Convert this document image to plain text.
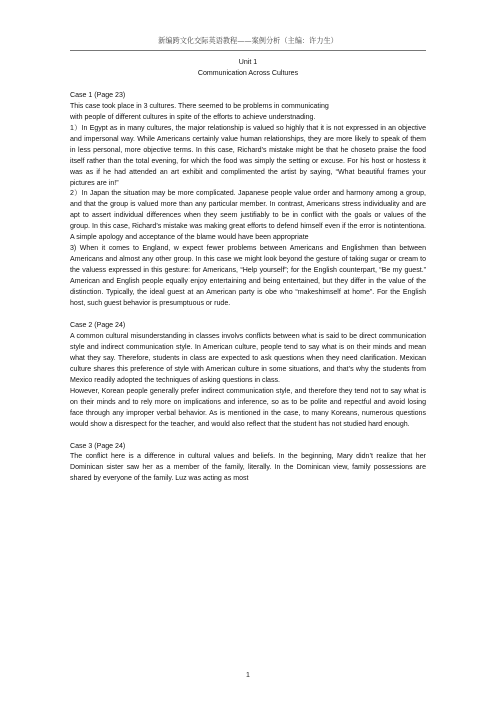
新编跨文化交际英语教程——案例分析（主编：许力生）

Unit 1

Communication Across Cultures

Case 1 (Page 23)

This case took place in 3 cultures. There seemed to be problems in communicating

with people of different cultures in spite of the efforts to achieve understnading.

1）In Egypt as in many cultures, the major relationship is valued so highly that it is not expressed in an objective and impersonal way. While Americans certainly value human relationships, they are more likely to speak of them in less personal, more objective terms. In this case, Richard’s mistake might be that he choseto praise the food itself rather than the total evening, for which the food was simply the setting or excuse. For his host or hostess it was as if he had attended an art exhibit and complimented the artist by saying, “What beautiful frames your pictures are in!”

2）In Japan the situation may be more complicated. Japanese people value order and harmony among a group, and that the group is valued more than any particular member. In contrast, Americans stress individuality and are apt to assert individual differences when they seem justifiably to be in conflict with the goals or values of the group. In this case, Richard’s mistake was making great efforts to defend himself even if the error is notintentiona. A simple apology and acceptance of the blame would have been appropriate

3) When it comes to England, w expect fewer problems between Americans and Englishmen than between Americans and almost any other group. In this case we might look beyond the gesture of taking sugar or cream to the valuess expressed in this gesture: for Americans, “Help yourself”; for the English counterpart, “Be my guest.” American and English people equally enjoy entertaining and being entertained, but they differ in the value of the distinction. Typically, the ideal guest at an American party is obe who “makeshimself at home”. For the English host, such guest behavior is presumptuous or rude.

Case 2 (Page 24)

A common cultural misunderstanding in classes involvs conflicts between what is said to be direct communication style and indirect communication style. In American culture, people tend to say what is on their minds and mean what they say. Therefore, students in class are expected to ask questions when they need clarification. Mexican culture shares this preference of style with American culture in some situations, and that’s why the students from Mexico readily adopted the techniques of asking questions in class.

However, Korean people generally prefer indirect communication style, and therefore they tend not to say what is on their minds and to rely more on implications and inference, so as to be polite and repectful and avoid losing face through any improper verbal behavior. As is mentioned in the case, to many Koreans, numerous questions would show a disrespect for the teacher, and would also reflect that the student has not studied hard enough.

Case 3 (Page 24)

The conflict here is a difference in cultural values and beliefs. In the beginning, Mary didn’t realize that her Dominican sister saw her as a member of the family, literally. In the Dominican view, family possessions are shared by everyone of the family. Luz was acting as most

1
